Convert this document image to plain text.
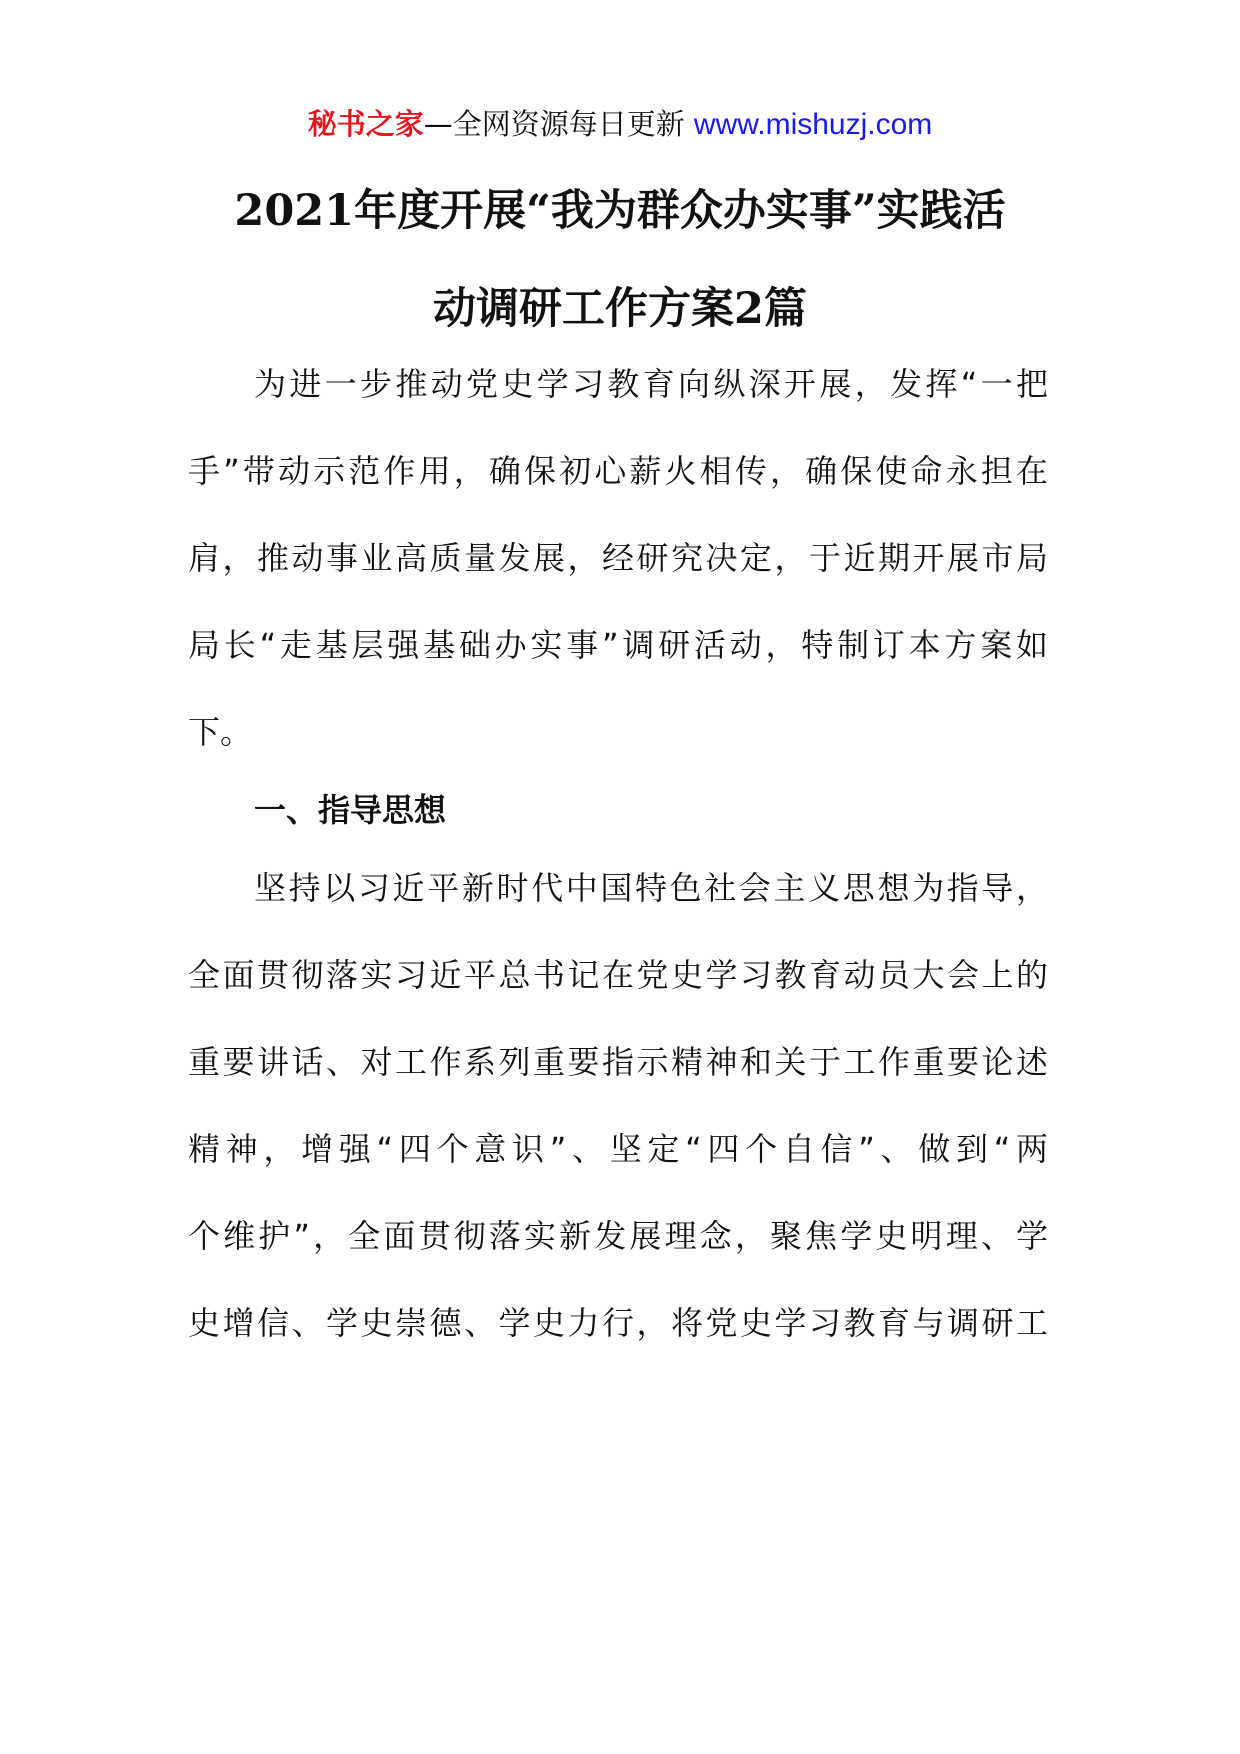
秘书之家—全网资源每日更新 www.mishuzj.com
2021年度开展“我为群众办实事”实践活
动调研工作方案2篇
为进一步推动党史学习教育向纵深开展，发挥“一把
手”带动示范作用，确保初心薪火相传，确保使命永担在
肩，推动事业高质量发展，经研究决定，于近期开展市局
局长“走基层强基础办实事”调研活动，特制订本方案如
下。
一、指导思想
坚持以习近平新时代中国特色社会主义思想为指导，
全面贯彻落实习近平总书记在党史学习教育动员大会上的
重要讲话、对工作系列重要指示精神和关于工作重要论述
精神，增强“四个意识”、坚定“四个自信”、做到“两
个维护”，全面贯彻落实新发展理念，聚焦学史明理、学
史增信、学史崇德、学史力行，将党史学习教育与调研工
